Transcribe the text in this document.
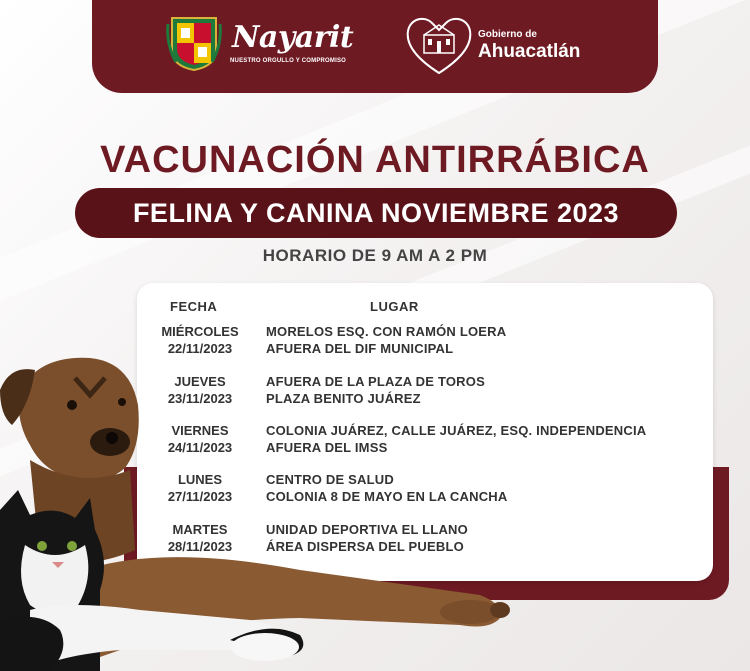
Nayarit
NUESTRO ORGULLO Y COMPROMISO
Gobierno de
Ahuacatlán
VACUNACIÓN ANTIRRÁBICA
FELINA Y CANINA NOVIEMBRE 2023
HORARIO DE 9 AM A 2 PM
FECHA	LUGAR
MIÉRCOLES
22/11/2023
MORELOS ESQ. CON RAMÓN LOERA
AFUERA DEL DIF MUNICIPAL
JUEVES
23/11/2023
AFUERA DE LA PLAZA DE TOROS
PLAZA BENITO JUÁREZ
VIERNES
24/11/2023
COLONIA JUÁREZ, CALLE JUÁREZ, ESQ. INDEPENDENCIA
AFUERA DEL IMSS
LUNES
27/11/2023
CENTRO DE SALUD
COLONIA 8 DE MAYO EN LA CANCHA
MARTES
28/11/2023
UNIDAD DEPORTIVA EL LLANO
ÁREA DISPERSA DEL PUEBLO
